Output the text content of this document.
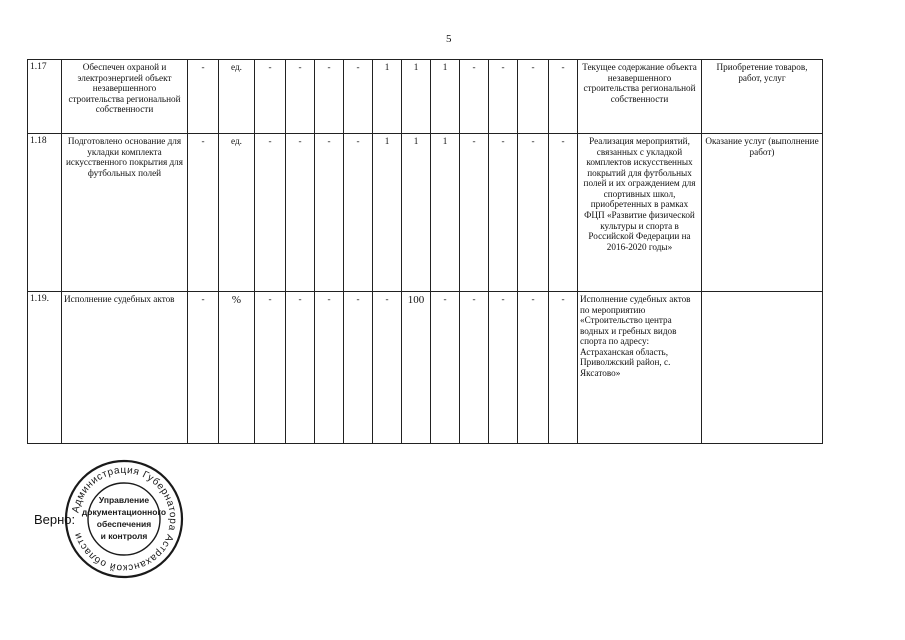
5
1.17	Обеспечен охраной и электроэнергией объект незавершенного строительства региональной собственности	-	ед.	-	-	-	-	1	1	1	-	-	-	-	Текущее содержание объекта незавершенного строительства региональной собственности	Приобретение товаров, работ, услуг
1.18	Подготовлено основание для укладки комплекта искусственного покрытия для футбольных полей	-	ед.	-	-	-	-	1	1	1	-	-	-	-	Реализация мероприятий, связанных с укладкой комплектов искусственных покрытий для футбольных полей и их ограждением для спортивных школ, приобретенных в рамках ФЦП «Развитие физической культуры и спорта в Российской Федерации на 2016-2020 годы»	Оказание услуг (выполнение работ)
1.19.	Исполнение судебных актов	-	%	-	-	-	-	-	100	-	-	-	-	-	Исполнение судебных актов по мероприятию «Строительство центра водных и гребных видов спорта по адресу: Астраханская область, Приволжский район, с. Яксатово»	
Администрация Губернатора Астраханской области
Управление
документационного
обеспечения
и контроля
Верно:
